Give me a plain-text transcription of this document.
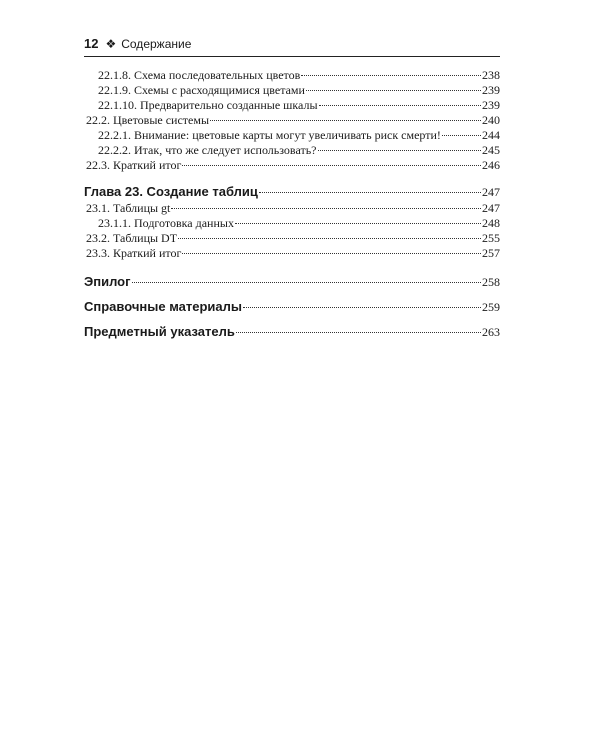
12 ❖ Содержание
22.1.8. Схема последовательных цветов	238
22.1.9. Схемы с расходящимися цветами	239
22.1.10. Предварительно созданные шкалы	239
22.2. Цветовые системы	240
22.2.1. Внимание: цветовые карты могут увеличивать риск смерти!	244
22.2.2. Итак, что же следует использовать?	245
22.3. Краткий итог	246
Глава 23. Создание таблиц	247
23.1. Таблицы gt	247
23.1.1. Подготовка данных	248
23.2. Таблицы DT	255
23.3. Краткий итог	257
Эпилог	258
Справочные материалы	259
Предметный указатель	263
